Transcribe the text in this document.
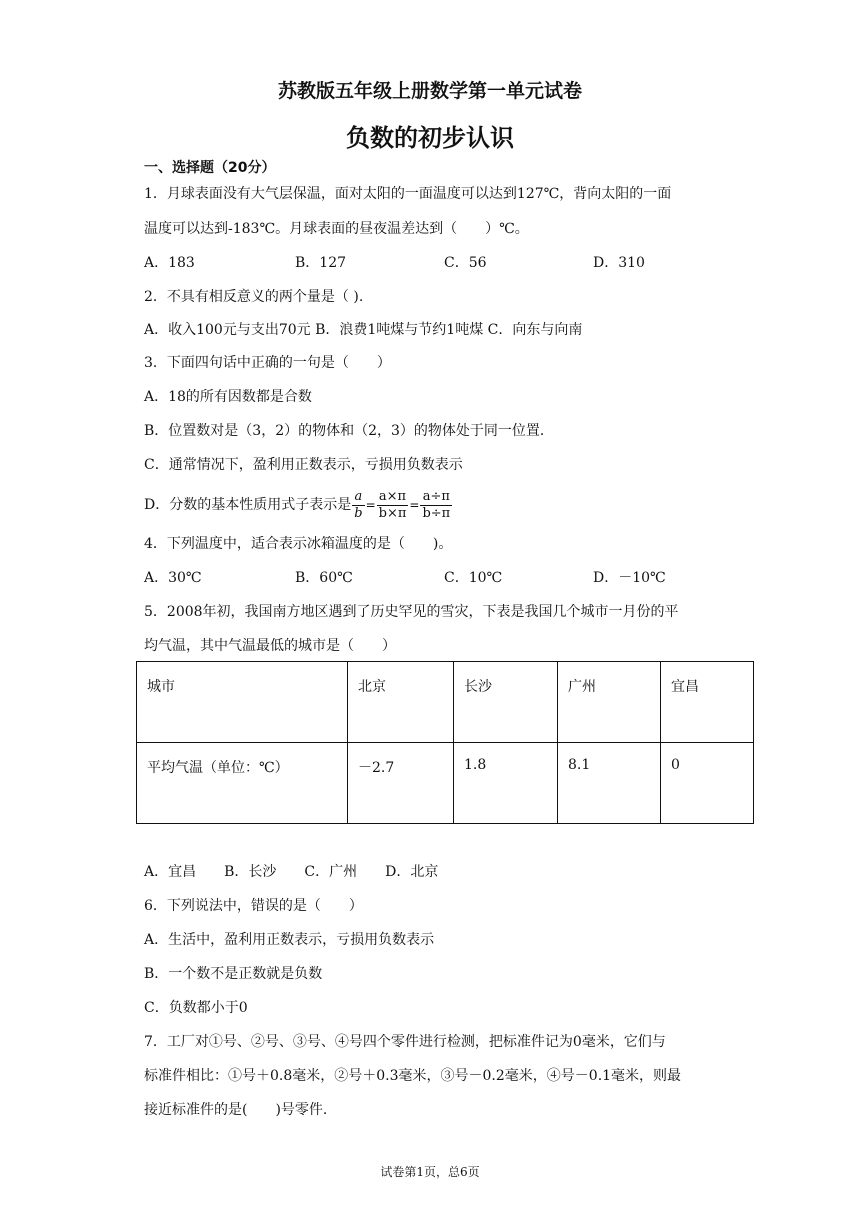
苏教版五年级上册数学第一单元试卷
负数的初步认识
一、选择题（20分）
1．月球表面没有大气层保温，面对太阳的一面温度可以达到127℃，背向太阳的一面
温度可以达到-183℃。月球表面的昼夜温差达到（　　）℃。
A．183	B．127	C．56	D．310
2．不具有相反意义的两个量是（ ).
A．收入100元与支出70元 B．浪费1吨煤与节约1吨煤 C．向东与向南
3．下面四句话中正确的一句是（　　）
A．18的所有因数都是合数
B．位置数对是（3，2）的物体和（2，3）的物体处于同一位置．
C．通常情况下，盈利用正数表示，亏损用负数表示
D．分数的基本性质用式子表示是 $\frac{a}{b} = \frac{a\times\pi}{b\times\pi} = \frac{a\div\pi}{b\div\pi}$
4．下列温度中，适合表示冰箱温度的是（　　)。
A．30℃	B．60℃	C．10℃	D．－10℃
5．2008年初，我国南方地区遇到了历史罕见的雪灾，下表是我国几个城市一月份的平
均气温，其中气温最低的城市是（　　）
城市	北京	长沙	广州	宜昌
平均气温（单位：℃）	－2.7	1.8	8.1	0
A．宜昌　　B．长沙　　C．广州　　D．北京
6．下列说法中，错误的是（　　）
A．生活中，盈利用正数表示，亏损用负数表示
B．一个数不是正数就是负数
C．负数都小于0
7．工厂对①号、②号、③号、④号四个零件进行检测，把标准件记为0毫米，它们与
标准件相比：①号＋0.8毫米，②号＋0.3毫米，③号－0.2毫米，④号－0.1毫米，则最
接近标准件的是(　　)号零件.
试卷第1页，总6页
